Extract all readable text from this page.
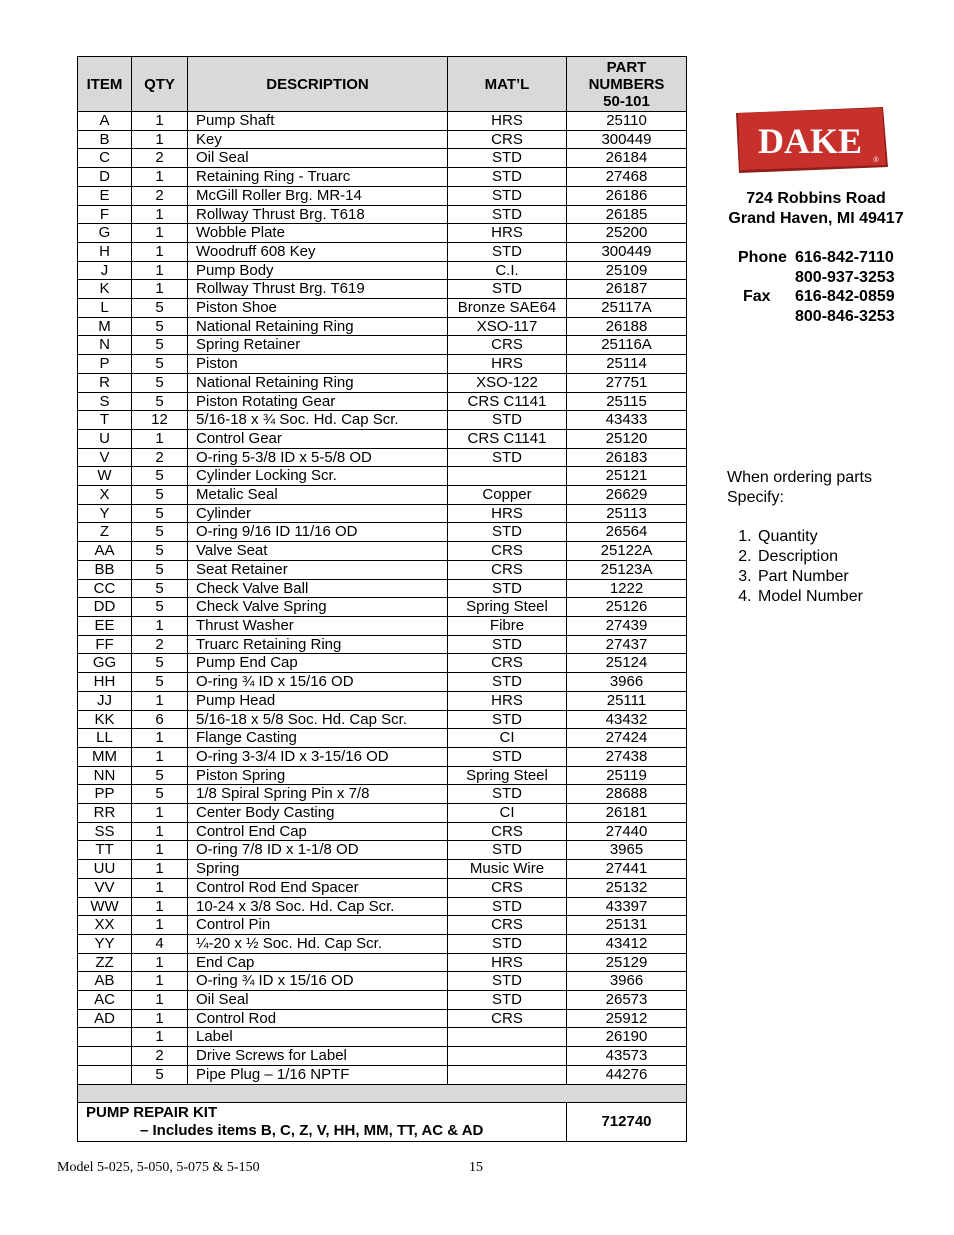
ITEM	QTY	DESCRIPTION	MAT’L	PART
NUMBERS
50-101

A	1	Pump Shaft	HRS	25110
B	1	Key	CRS	300449
C	2	Oil Seal	STD	26184
D	1	Retaining Ring - Truarc	STD	27468
E	2	McGill Roller Brg. MR-14	STD	26186
F	1	Rollway Thrust Brg. T618	STD	26185
G	1	Wobble Plate	HRS	25200
H	1	Woodruff 608 Key	STD	300449
J	1	Pump Body	C.I.	25109
K	1	Rollway Thrust Brg. T619	STD	26187
L	5	Piston Shoe	Bronze SAE64	25117A
M	5	National Retaining Ring	XSO-117	26188
N	5	Spring Retainer	CRS	25116A
P	5	Piston	HRS	25114
R	5	National Retaining Ring	XSO-122	27751
S	5	Piston Rotating Gear	CRS C1141	25115
T	12	5/16-18 x ¾ Soc. Hd. Cap Scr.	STD	43433
U	1	Control Gear	CRS C1141	25120
V	2	O-ring 5-3/8 ID x 5-5/8 OD	STD	26183
W	5	Cylinder Locking Scr.		25121
X	5	Metalic Seal	Copper	26629
Y	5	Cylinder	HRS	25113
Z	5	O-ring 9/16 ID 11/16 OD	STD	26564
AA	5	Valve Seat	CRS	25122A
BB	5	Seat Retainer	CRS	25123A
CC	5	Check Valve Ball	STD	1222
DD	5	Check Valve Spring	Spring Steel	25126
EE	1	Thrust Washer	Fibre	27439
FF	2	Truarc Retaining Ring	STD	27437
GG	5	Pump End Cap	CRS	25124
HH	5	O-ring ¾ ID x 15/16 OD	STD	3966
JJ	1	Pump Head	HRS	25111
KK	6	5/16-18 x 5/8 Soc. Hd. Cap Scr.	STD	43432
LL	1	Flange Casting	CI	27424
MM	1	O-ring 3-3/4 ID x 3-15/16 OD	STD	27438
NN	5	Piston Spring	Spring Steel	25119
PP	5	1/8 Spiral Spring Pin x 7/8	STD	28688
RR	1	Center Body Casting	CI	26181
SS	1	Control End Cap	CRS	27440
TT	1	O-ring 7/8 ID x 1-1/8 OD	STD	3965
UU	1	Spring	Music Wire	27441
VV	1	Control Rod End Spacer	CRS	25132
WW	1	10-24 x 3/8 Soc. Hd. Cap Scr.	STD	43397
XX	1	Control Pin	CRS	25131
YY	4	¼-20 x ½ Soc. Hd. Cap Scr.	STD	43412
ZZ	1	End Cap	HRS	25129
AB	1	O-ring ¾ ID x 15/16 OD	STD	3966
AC	1	Oil Seal	STD	26573
AD	1	Control Rod	CRS	25912
	1	Label		26190
	2	Drive Screws for Label		43573
	5	Pipe Plug – 1/16 NPTF		44276

PUMP REPAIR KIT
– Includes items B, C, Z, V, HH, MM, TT, AC & AD				712740
DAKE ®
724 Robbins Road
Grand Haven, MI 49417
Phone 616-842-7110
800-937-3253
Fax 616-842-0859
800-846-3253
When ordering parts
Specify:
1. Quantity
2. Description
3. Part Number
4. Model Number
Model 5-025, 5-050, 5-075 & 5-150	15
